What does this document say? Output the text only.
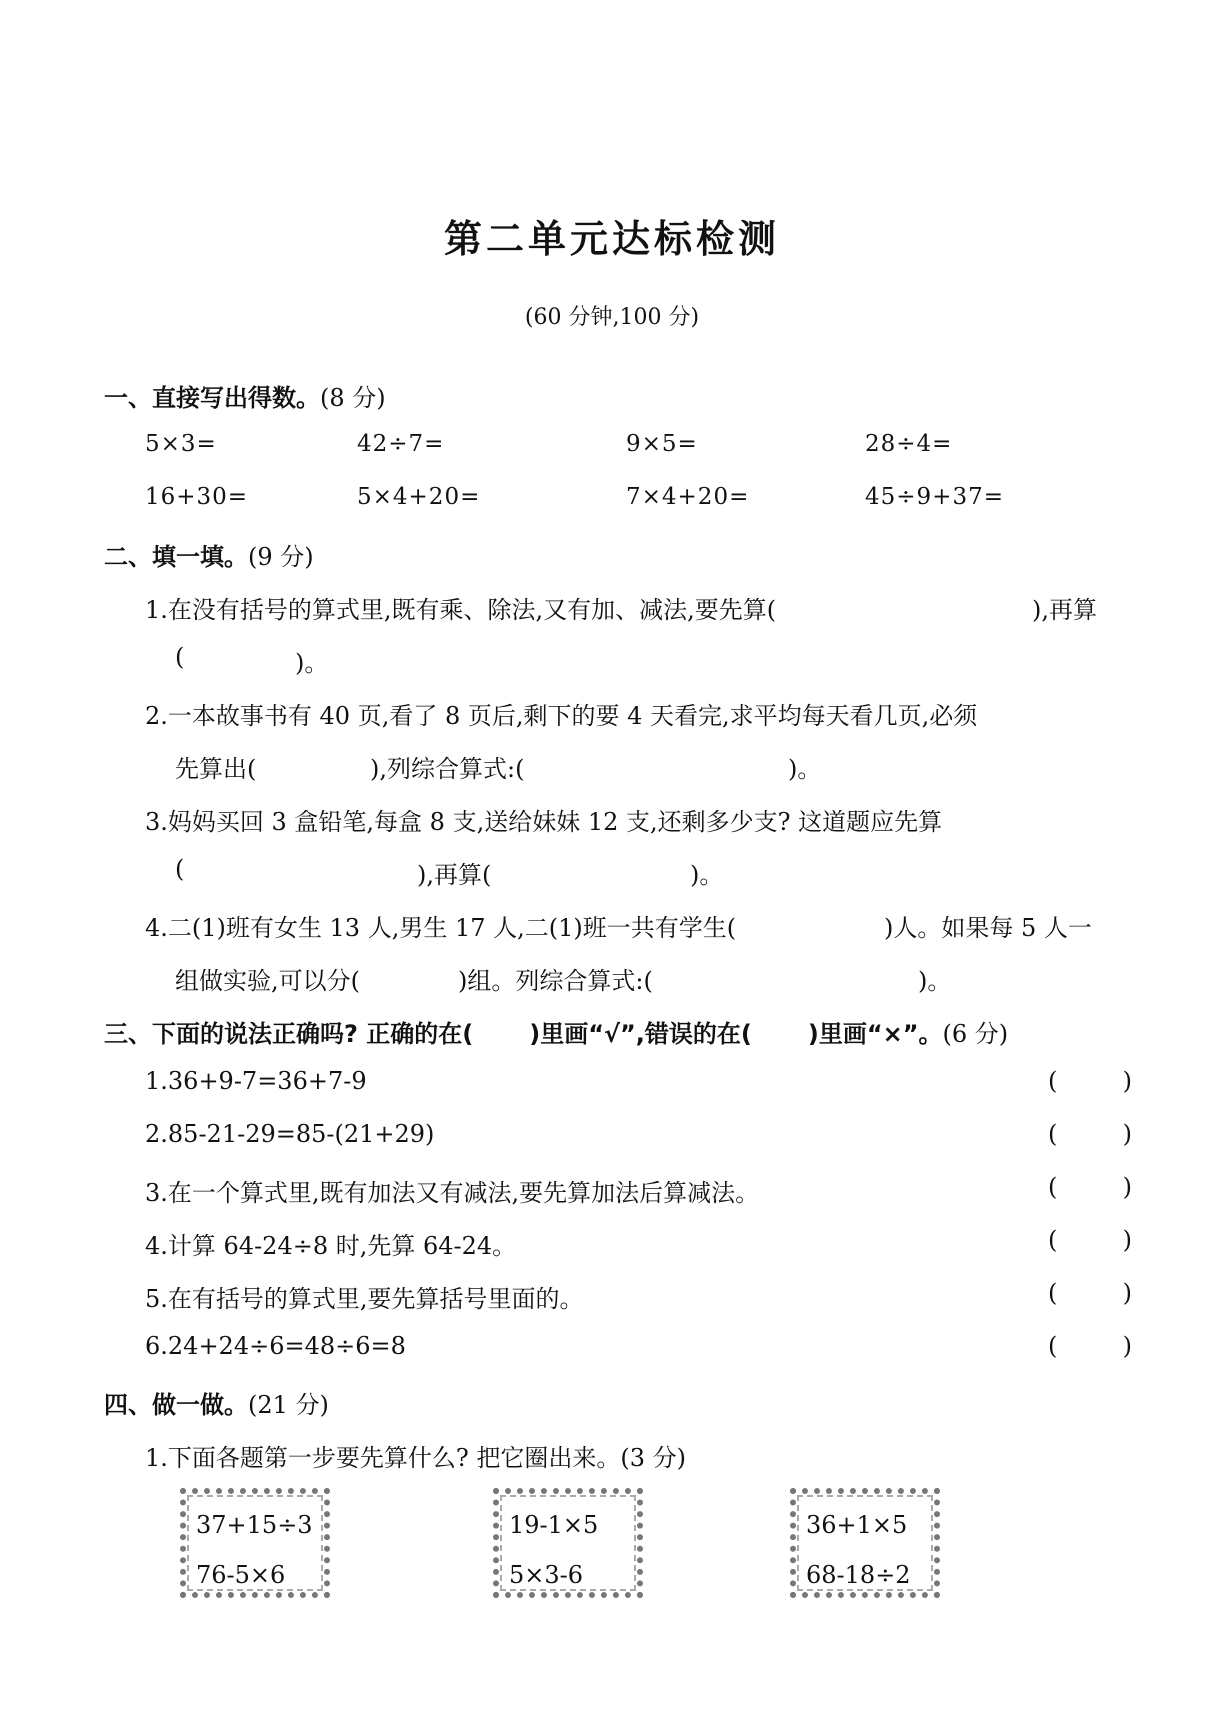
第二单元达标检测
(60 分钟,100 分)
一、直接写出得数。(8 分)
5×3=	42÷7=	9×5=	28÷4=
16+30=	5×4+20=	7×4+20=	45÷9+37=
二、填一填。(9 分)
1.在没有括号的算式里,既有乘、除法,又有加、减法,要先算(	),再算
(	)。
2.一本故事书有 40 页,看了 8 页后,剩下的要 4 天看完,求平均每天看几页,必须
先算出(	),列综合算式:(	)。
3.妈妈买回 3 盒铅笔,每盒 8 支,送给妹妹 12 支,还剩多少支? 这道题应先算
(	),再算(	)。
4.二(1)班有女生 13 人,男生 17 人,二(1)班一共有学生(	)人。如果每 5 人一
组做实验,可以分(	)组。列综合算式:(	)。
三、下面的说法正确吗? 正确的在( )里画“√”,错误的在( )里画“×”。(6 分)
1.36+9-7=36+7-9	(	)
2.85-21-29=85-(21+29)	(	)
3.在一个算式里,既有加法又有减法,要先算加法后算减法。	(	)
4.计算 64-24÷8 时,先算 64-24。	(	)
5.在有括号的算式里,要先算括号里面的。	(	)
6.24+24÷6=48÷6=8	(	)
四、做一做。(21 分)
1.下面各题第一步要先算什么? 把它圈出来。(3 分)
37+15÷3
76-5×6
19-1×5
5×3-6
36+1×5
68-18÷2
